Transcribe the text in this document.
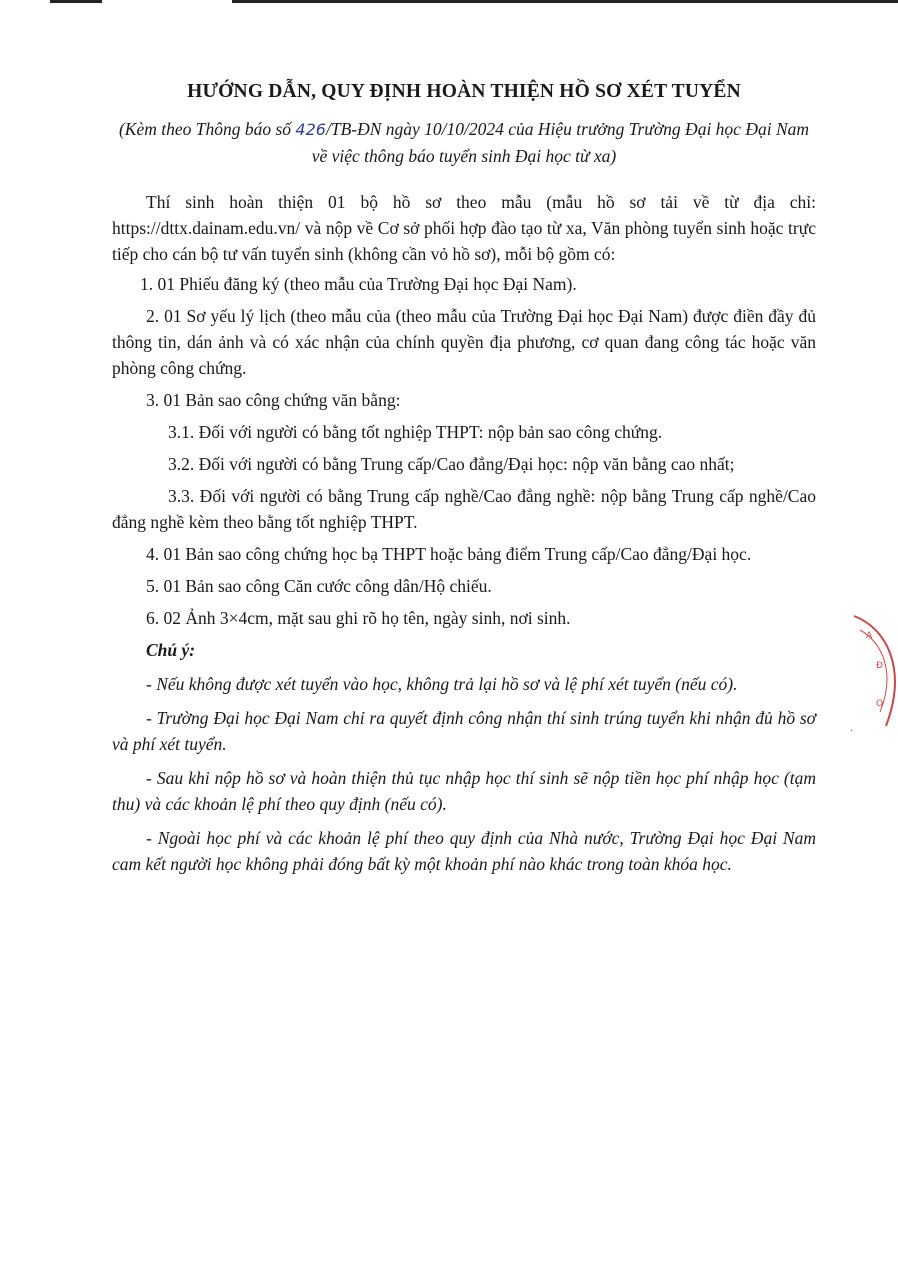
HƯỚNG DẪN, QUY ĐỊNH HOÀN THIỆN HỒ SƠ XÉT TUYỂN

(Kèm theo Thông báo số 426/TB-ĐN ngày 10/10/2024 của Hiệu trưởng Trường Đại học Đại Nam về việc thông báo tuyển sinh Đại học từ xa)

Thí sinh hoàn thiện 01 bộ hồ sơ theo mẫu (mẫu hồ sơ tải về từ địa chỉ: https://dttx.dainam.edu.vn/ và nộp về Cơ sở phối hợp đào tạo từ xa, Văn phòng tuyển sinh hoặc trực tiếp cho cán bộ tư vấn tuyển sinh (không cần vỏ hồ sơ), mỗi bộ gồm có:

1. 01 Phiếu đăng ký (theo mẫu của Trường Đại học Đại Nam).

2. 01 Sơ yếu lý lịch (theo mẫu của (theo mẫu của Trường Đại học Đại Nam) được điền đầy đủ thông tin, dán ảnh và có xác nhận của chính quyền địa phương, cơ quan đang công tác hoặc văn phòng công chứng.

3. 01 Bản sao công chứng văn bằng:

3.1. Đối với người có bằng tốt nghiệp THPT: nộp bản sao công chứng.

3.2. Đối với người có bằng Trung cấp/Cao đẳng/Đại học: nộp văn bằng cao nhất;

3.3. Đối với người có bằng Trung cấp nghề/Cao đẳng nghề: nộp bằng Trung cấp nghề/Cao đẳng nghề kèm theo bằng tốt nghiệp THPT.

4. 01 Bản sao công chứng học bạ THPT hoặc bảng điểm Trung cấp/Cao đẳng/Đại học.

5. 01 Bản sao công Căn cước công dân/Hộ chiếu.

6. 02 Ảnh 3×4cm, mặt sau ghi rõ họ tên, ngày sinh, nơi sinh.

Chú ý:

- Nếu không được xét tuyển vào học, không trả lại hồ sơ và lệ phí xét tuyển (nếu có).

- Trường Đại học Đại Nam chỉ ra quyết định công nhận thí sinh trúng tuyển khi nhận đủ hồ sơ và phí xét tuyển.

- Sau khi nộp hồ sơ và hoàn thiện thủ tục nhập học thí sinh sẽ nộp tiền học phí nhập học (tạm thu) và các khoản lệ phí theo quy định (nếu có).

- Ngoài học phí và các khoản lệ phí theo quy định của Nhà nước, Trường Đại học Đại Nam cam kết người học không phải đóng bất kỳ một khoản phí nào khác trong toàn khóa học.

Ạ
Đ
O
ʼ
